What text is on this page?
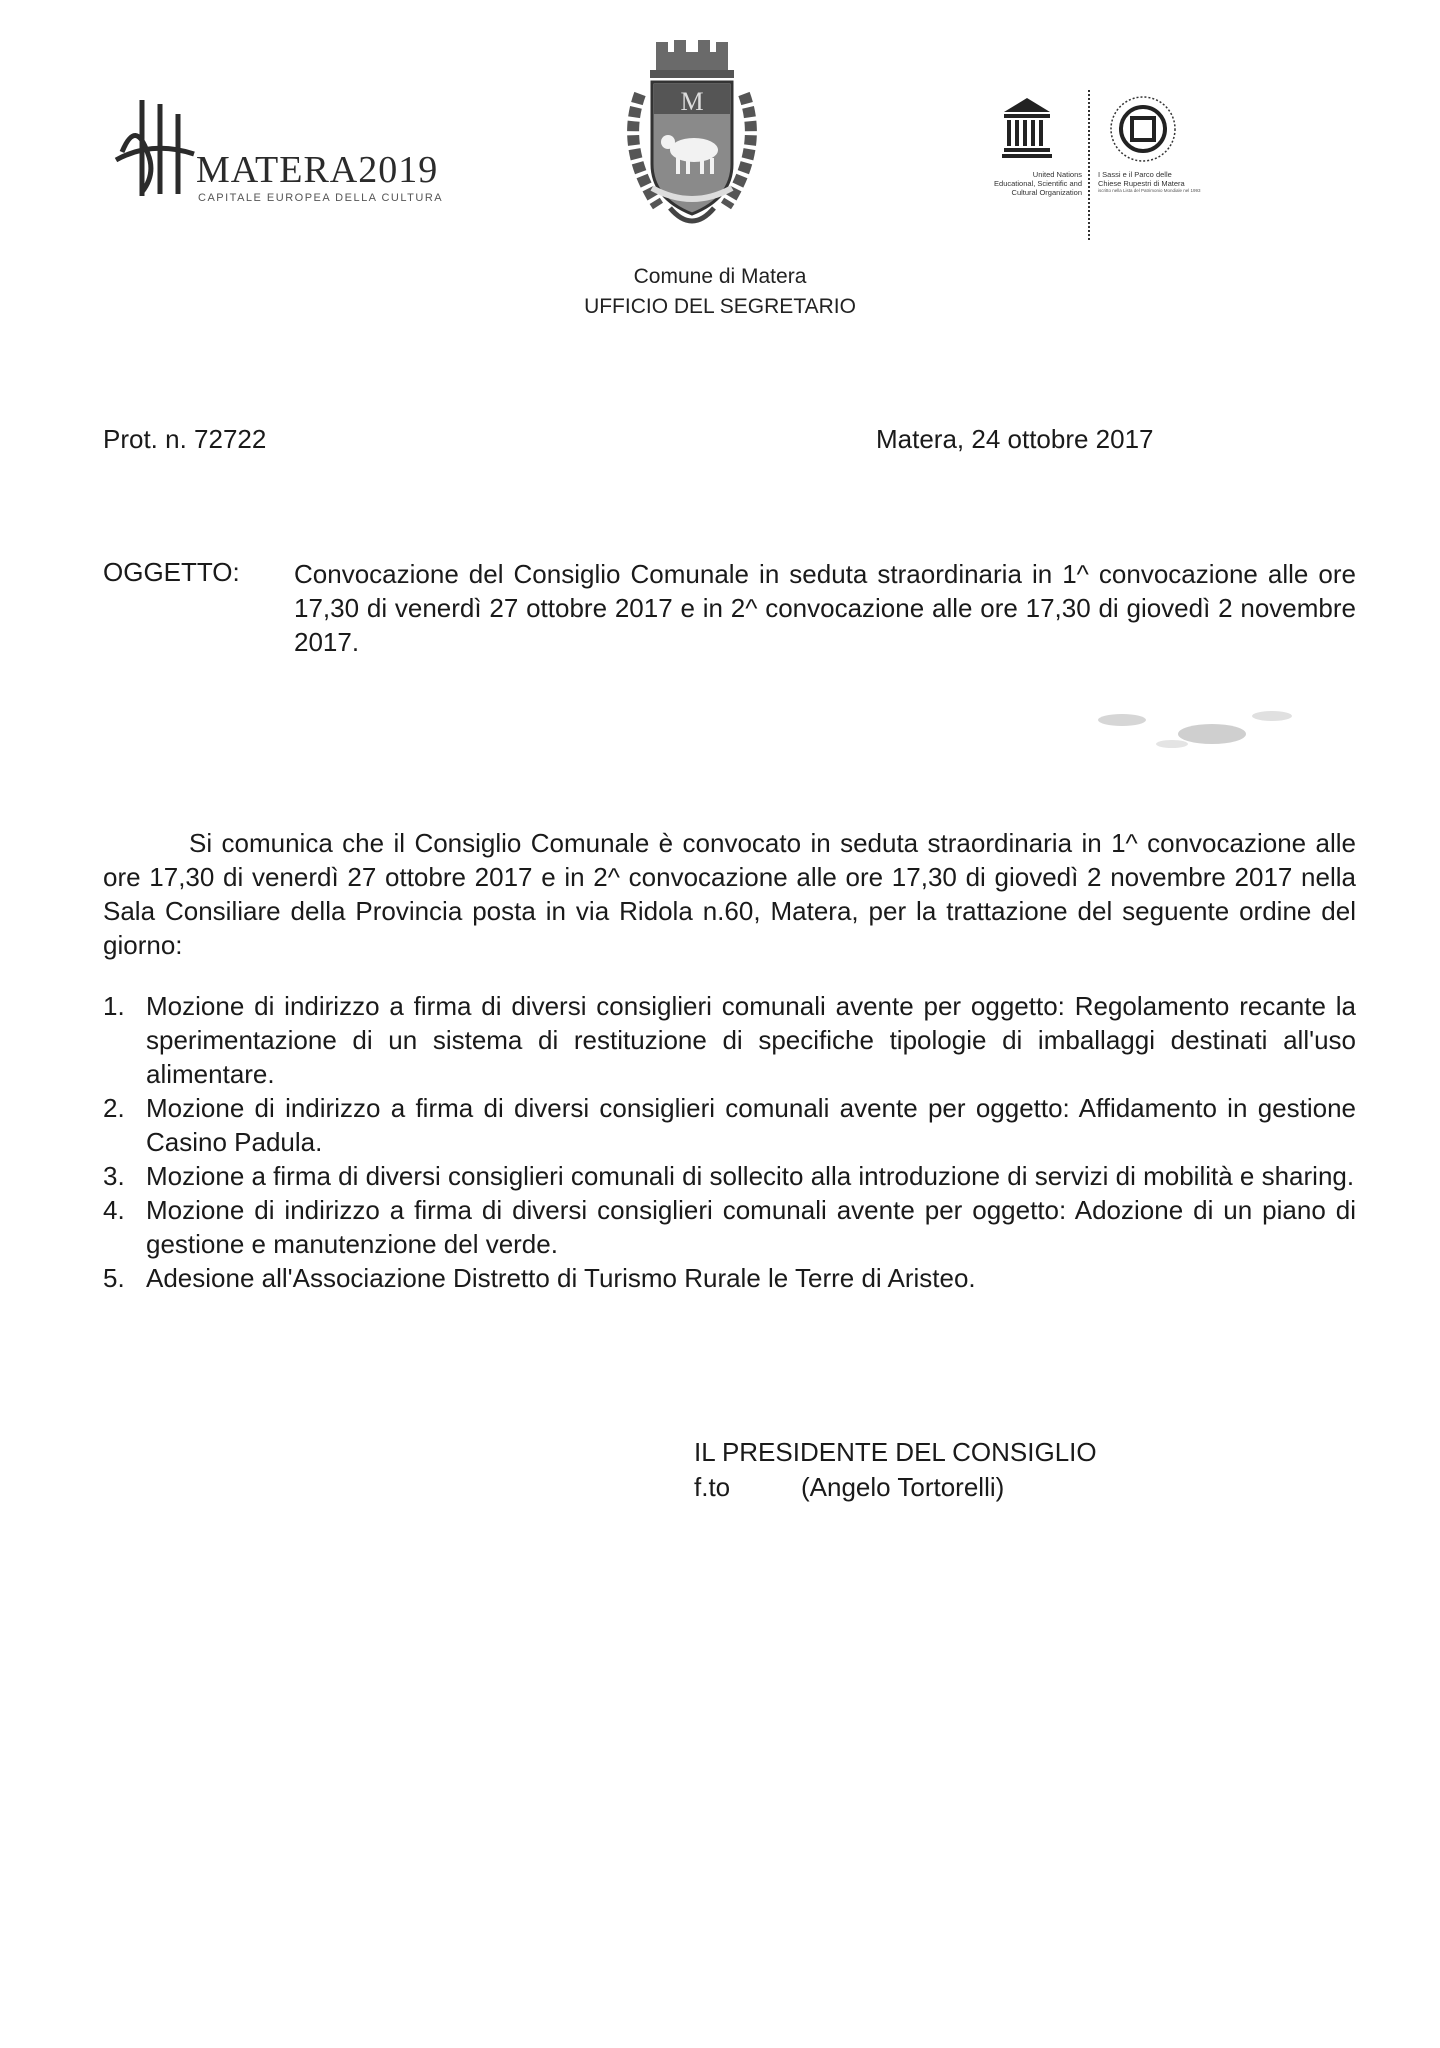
MATERA2019
CAPITALE EUROPEA DELLA CULTURA
M
United Nations
Educational, Scientific and
Cultural Organization
I Sassi e il Parco delle
Chiese Rupestri di Matera
iscritto nella Lista del Patrimonio Mondiale nel 1993
Comune di Matera
UFFICIO DEL SEGRETARIO
Prot. n. 72722	Matera, 24 ottobre 2017
OGGETTO: Convocazione del Consiglio Comunale in seduta straordinaria in 1^ convocazione alle ore 17,30 di venerdì 27 ottobre 2017 e in 2^ convocazione alle ore 17,30 di giovedì 2 novembre 2017.
Si comunica che il Consiglio Comunale è convocato in seduta straordinaria in 1^ convocazione alle ore 17,30 di venerdì 27 ottobre 2017 e in 2^ convocazione alle ore 17,30 di giovedì 2 novembre 2017 nella Sala Consiliare della Provincia posta in via Ridola n.60, Matera, per la trattazione del seguente ordine del giorno:
1. Mozione di indirizzo a firma di diversi consiglieri comunali avente per oggetto: Regolamento recante la sperimentazione di un sistema di restituzione di specifiche tipologie di imballaggi destinati all'uso alimentare.
2. Mozione di indirizzo a firma di diversi consiglieri comunali avente per oggetto: Affidamento in gestione Casino Padula.
3. Mozione a firma di diversi consiglieri comunali di sollecito alla introduzione di servizi di mobilità e sharing.
4. Mozione di indirizzo a firma di diversi consiglieri comunali avente per oggetto: Adozione di un piano di gestione e manutenzione del verde.
5. Adesione all'Associazione Distretto di Turismo Rurale le Terre di Aristeo.
IL PRESIDENTE DEL CONSIGLIO
f.to	(Angelo Tortorelli)
